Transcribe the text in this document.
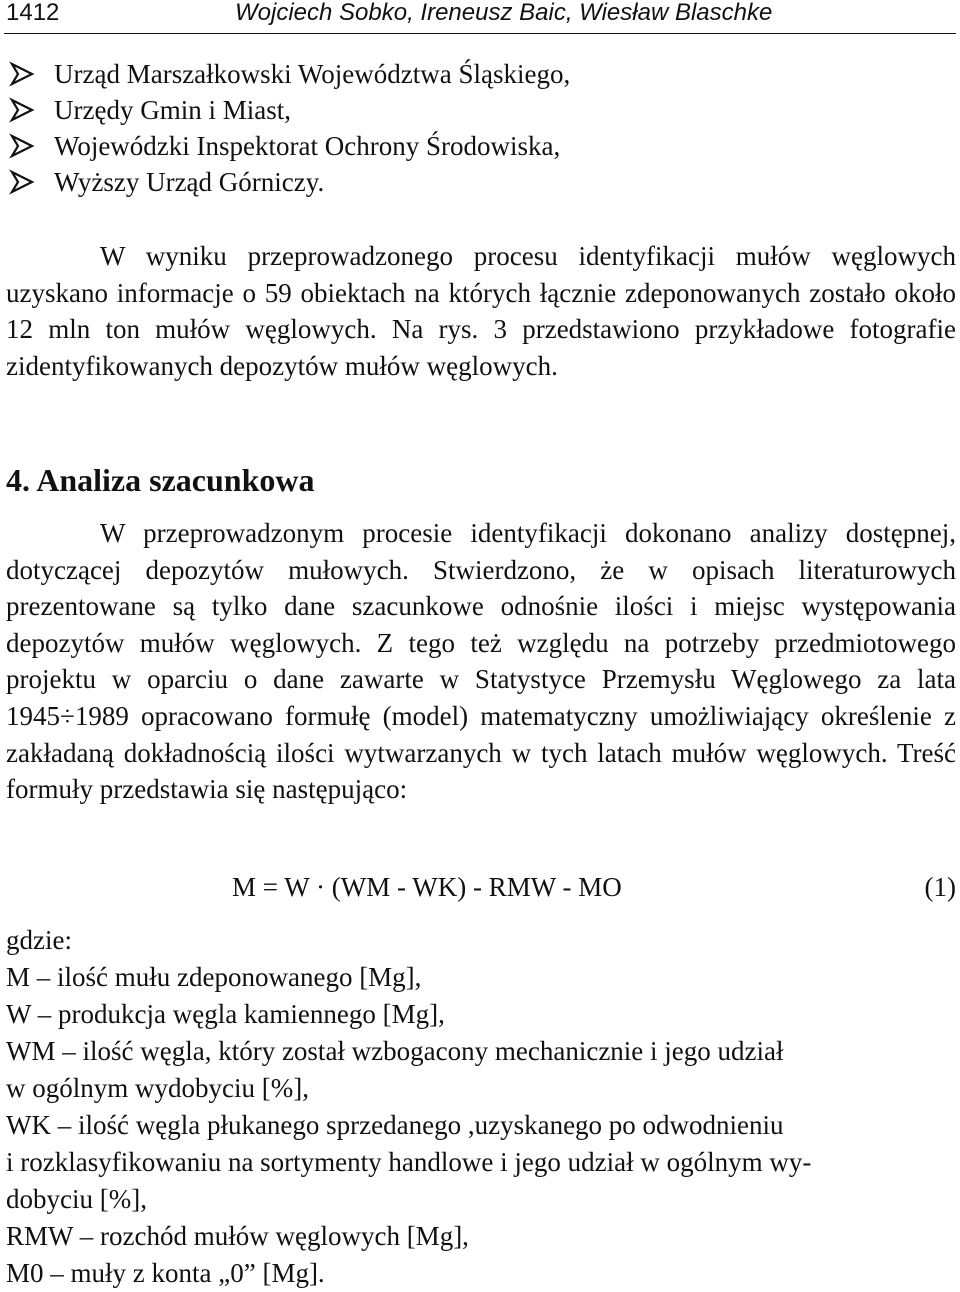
1412	Wojciech Sobko, Ireneusz Baic, Wiesław Blaschke
Urząd Marszałkowski Województwa Śląskiego,
Urzędy Gmin i Miast,
Wojewódzki Inspektorat Ochrony Środowiska,
Wyższy Urząd Górniczy.

W wyniku przeprowadzonego procesu identyfikacji mułów węglowych uzyskano informacje o 59 obiektach na których łącznie zdeponowanych zostało około 12 mln ton mułów węglowych. Na rys. 3 przedstawiono przykładowe fotografie zidentyfikowanych depozytów mułów węglowych.

4. Analiza szacunkowa

W przeprowadzonym procesie identyfikacji dokonano analizy dostępnej, dotyczącej depozytów mułowych. Stwierdzono, że w opisach literaturowych prezentowane są tylko dane szacunkowe odnośnie ilości i miejsc występowania depozytów mułów węglowych. Z tego też względu na potrzeby przedmiotowego projektu w oparciu o dane zawarte w Statystyce Przemysłu Węglowego za lata 1945÷1989 opracowano formułę (model) matematyczny umożliwiający określenie z zakładaną dokładnością ilości wytwarzanych w tych latach mułów węglowych. Treść formuły przedstawia się następująco:

M = W · (WM - WK) - RMW - MO	(1)
gdzie:
M – ilość mułu zdeponowanego [Mg],
W – produkcja węgla kamiennego [Mg],
WM – ilość węgla, który został wzbogacony mechanicznie i jego udział
w ogólnym wydobyciu [%],
WK – ilość węgla płukanego sprzedanego ,uzyskanego po odwodnieniu
i rozklasyfikowaniu na sortymenty handlowe i jego udział w ogólnym wy-
dobyciu [%],
RMW – rozchód mułów węglowych [Mg],
M0 – muły z konta „0” [Mg].
